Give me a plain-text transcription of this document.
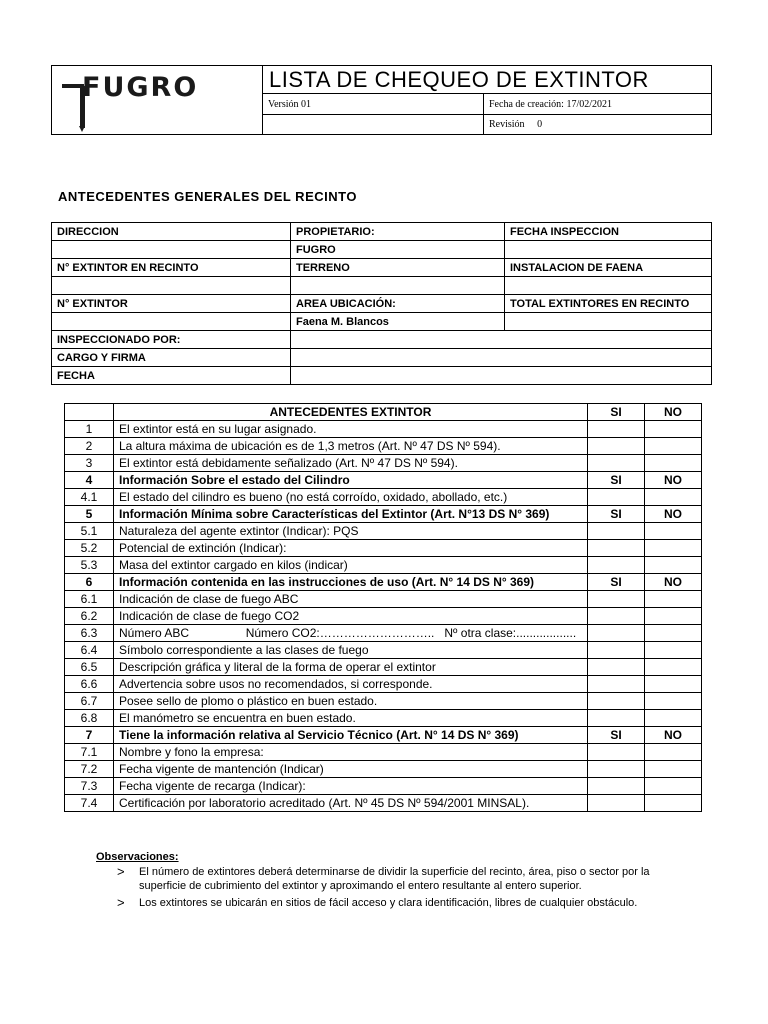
FUGRO	LISTA DE CHEQUEO DE EXTINTOR	
	Versión 01	Fecha de creación: 17/02/2021
		Revisión 0
ANTECEDENTES GENERALES DEL RECINTO
DIRECCION	PROPIETARIO:	FECHA INSPECCION
	FUGRO	
N° EXTINTOR EN RECINTO	TERRENO	INSTALACION DE FAENA

N° EXTINTOR	AREA UBICACIÓN:	TOTAL EXTINTORES EN RECINTO
	Faena M. Blancos	
INSPECCIONADO POR:		
CARGO Y FIRMA		
FECHA		
	ANTECEDENTES EXTINTOR	SI	NO
1	El extintor está en su lugar asignado.		
2	La altura máxima de ubicación es de 1,3 metros (Art. Nº 47 DS Nº 594).		
3	El extintor está debidamente señalizado (Art. Nº 47 DS Nº 594).		
4	Información Sobre el estado del Cilindro	SI	NO
4.1	El estado del cilindro es bueno (no está corroído, oxidado, abollado, etc.)		
5	Información Mínima sobre Características del Extintor (Art. N°13 DS N° 369)	SI	NO
5.1	Naturaleza del agente extintor (Indicar): PQS		
5.2	Potencial de extinción (Indicar):		
5.3	Masa del extintor cargado en kilos (indicar)		
6	Información contenida en las instrucciones de uso (Art. N° 14 DS N° 369)	SI	NO
6.1	Indicación de clase de fuego ABC		
6.2	Indicación de clase de fuego CO2		
6.3	Número ABC                 Número CO2:………………………..   Nº otra clase:..................		
6.4	Símbolo correspondiente a las clases de fuego		
6.5	Descripción gráfica y literal de la forma de operar el extintor		
6.6	Advertencia sobre usos no recomendados, si corresponde.		
6.7	Posee sello de plomo o plástico en buen estado.		
6.8	El manómetro se encuentra en buen estado.		
7	Tiene la información relativa al Servicio Técnico (Art. N° 14 DS N° 369)	SI	NO
7.1	Nombre y fono la empresa:		
7.2	Fecha vigente de mantención (Indicar)		
7.3	Fecha vigente de recarga (Indicar):		
7.4	Certificación por laboratorio acreditado (Art. Nº 45 DS Nº 594/2001 MINSAL).		
Observaciones:
> El número de extintores deberá determinarse de dividir la superficie del recinto, área, piso o sector por la superficie de cubrimiento del extintor y aproximando el entero resultante al entero superior.
> Los extintores se ubicarán en sitios de fácil acceso y clara identificación, libres de cualquier obstáculo.
